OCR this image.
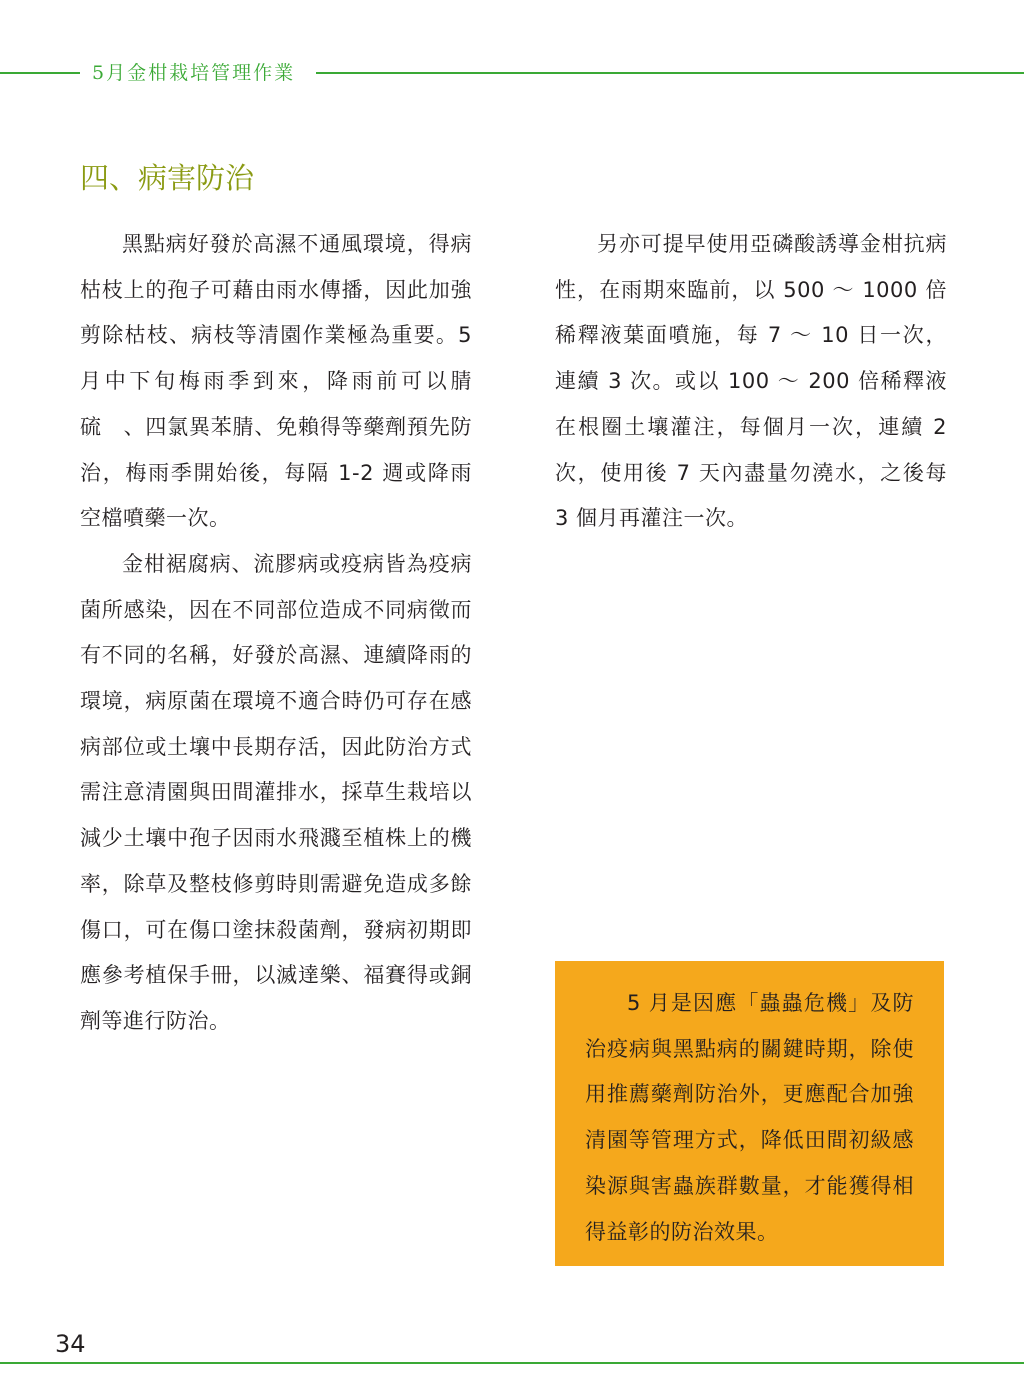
5月金柑栽培管理作業
四、病害防治

黑點病好發於高濕不通風環境，得病枯枝上的孢子可藉由雨水傳播，因此加強剪除枯枝、病枝等清園作業極為重要。5 月中下旬梅雨季到來，降雨前可以腈硫　、四氯異苯腈、免賴得等藥劑預先防治，梅雨季開始後，每隔 1-2 週或降雨空檔噴藥一次。

金柑裾腐病、流膠病或疫病皆為疫病菌所感染，因在不同部位造成不同病徵而有不同的名稱，好發於高濕、連續降雨的環境，病原菌在環境不適合時仍可存在感病部位或土壤中長期存活，因此防治方式需注意清園與田間灌排水，採草生栽培以減少土壤中孢子因雨水飛濺至植株上的機率，除草及整枝修剪時則需避免造成多餘傷口，可在傷口塗抹殺菌劑，發病初期即應參考植保手冊，以滅達樂、福賽得或銅劑等進行防治。

另亦可提早使用亞磷酸誘導金柑抗病性，在雨期來臨前，以 500 ～ 1000 倍稀釋液葉面噴施，每 7 ～ 10 日一次，連續 3 次。或以 100 ～ 200 倍稀釋液在根圈土壤灌注，每個月一次，連續 2 次，使用後 7 天內盡量勿澆水，之後每 3 個月再灌注一次。

5 月是因應「蟲蟲危機」及防治疫病與黑點病的關鍵時期，除使用推薦藥劑防治外，更應配合加強清園等管理方式，降低田間初級感染源與害蟲族群數量，才能獲得相得益彰的防治效果。

34
